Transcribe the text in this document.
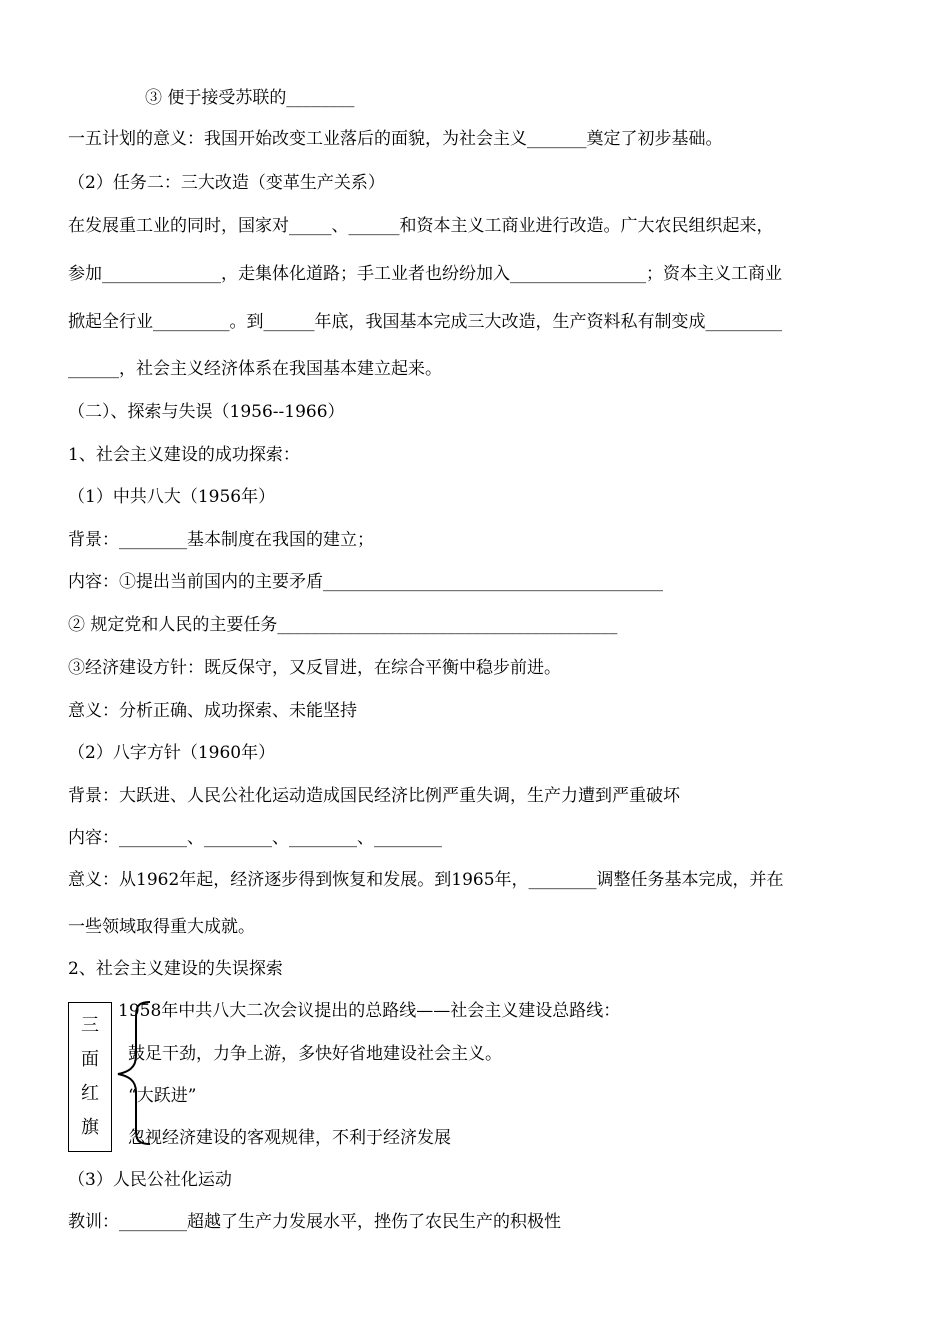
③ 便于接受苏联的________
一五计划的意义：我国开始改变工业落后的面貌，为社会主义_______奠定了初步基础。
（2）任务二：三大改造（变革生产关系）
在发展重工业的同时，国家对_____、______和资本主义工商业进行改造。广大农民组织起来，
参加______________，走集体化道路；手工业者也纷纷加入________________；资本主义工商业
掀起全行业_________。到______年底，我国基本完成三大改造，生产资料私有制变成_________
______，社会主义经济体系在我国基本建立起来。
（二）、探索与失误（1956--1966）
1、社会主义建设的成功探索：
（1）中共八大（1956年）
背景：________基本制度在我国的建立；
内容：①提出当前国内的主要矛盾________________________________________
② 规定党和人民的主要任务________________________________________
③经济建设方针：既反保守，又反冒进，在综合平衡中稳步前进。
意义：分析正确、成功探索、未能坚持
（2）八字方针（1960年）
背景：大跃进、人民公社化运动造成国民经济比例严重失调，生产力遭到严重破坏
内容：________、________、________、________
意义：从1962年起，经济逐步得到恢复和发展。到1965年，________调整任务基本完成，并在
一些领域取得重大成就。
2、社会主义建设的失误探索
三
面
红
旗
1958年中共八大二次会议提出的总路线——社会主义建设总路线：
鼓足干劲，力争上游，多快好省地建设社会主义。
“大跃进”
忽视经济建设的客观规律，不利于经济发展
（3）人民公社化运动
教训：________超越了生产力发展水平，挫伤了农民生产的积极性
